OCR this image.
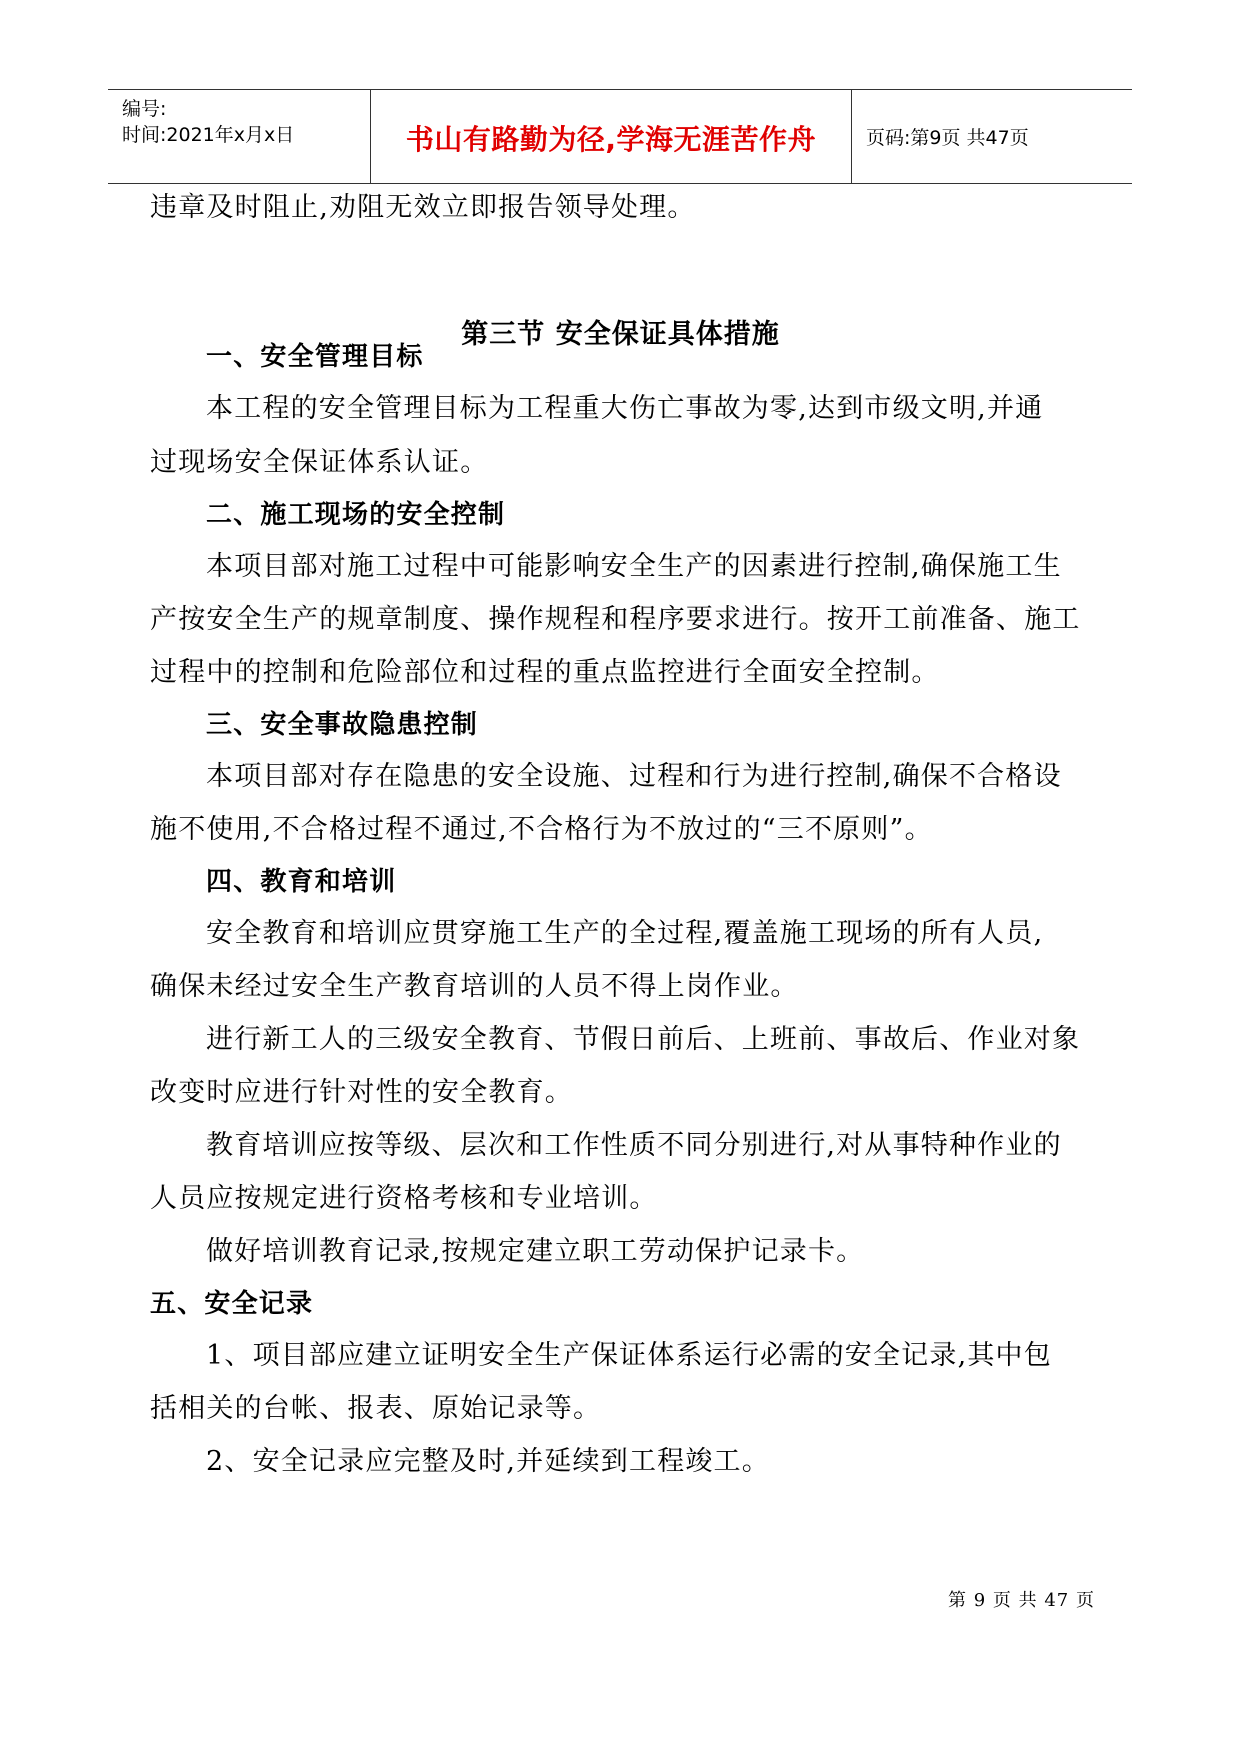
编号:
时间:2021年x月x日	书山有路勤为径,学海无涯苦作舟	页码:第9页 共47页
违章及时阻止,劝阻无效立即报告领导处理。
第三节 安全保证具体措施
一、安全管理目标
本工程的安全管理目标为工程重大伤亡事故为零,达到市级文明,并通
过现场安全保证体系认证。
二、施工现场的安全控制
本项目部对施工过程中可能影响安全生产的因素进行控制,确保施工生
产按安全生产的规章制度、操作规程和程序要求进行。按开工前准备、施工
过程中的控制和危险部位和过程的重点监控进行全面安全控制。
三、安全事故隐患控制
本项目部对存在隐患的安全设施、过程和行为进行控制,确保不合格设
施不使用,不合格过程不通过,不合格行为不放过的“三不原则”。
四、教育和培训
安全教育和培训应贯穿施工生产的全过程,覆盖施工现场的所有人员,
确保未经过安全生产教育培训的人员不得上岗作业。
进行新工人的三级安全教育、节假日前后、上班前、事故后、作业对象
改变时应进行针对性的安全教育。
教育培训应按等级、层次和工作性质不同分别进行,对从事特种作业的
人员应按规定进行资格考核和专业培训。
做好培训教育记录,按规定建立职工劳动保护记录卡。
五、安全记录
1、项目部应建立证明安全生产保证体系运行必需的安全记录,其中包
括相关的台帐、报表、原始记录等。
2、安全记录应完整及时,并延续到工程竣工。
第 9 页 共 47 页
